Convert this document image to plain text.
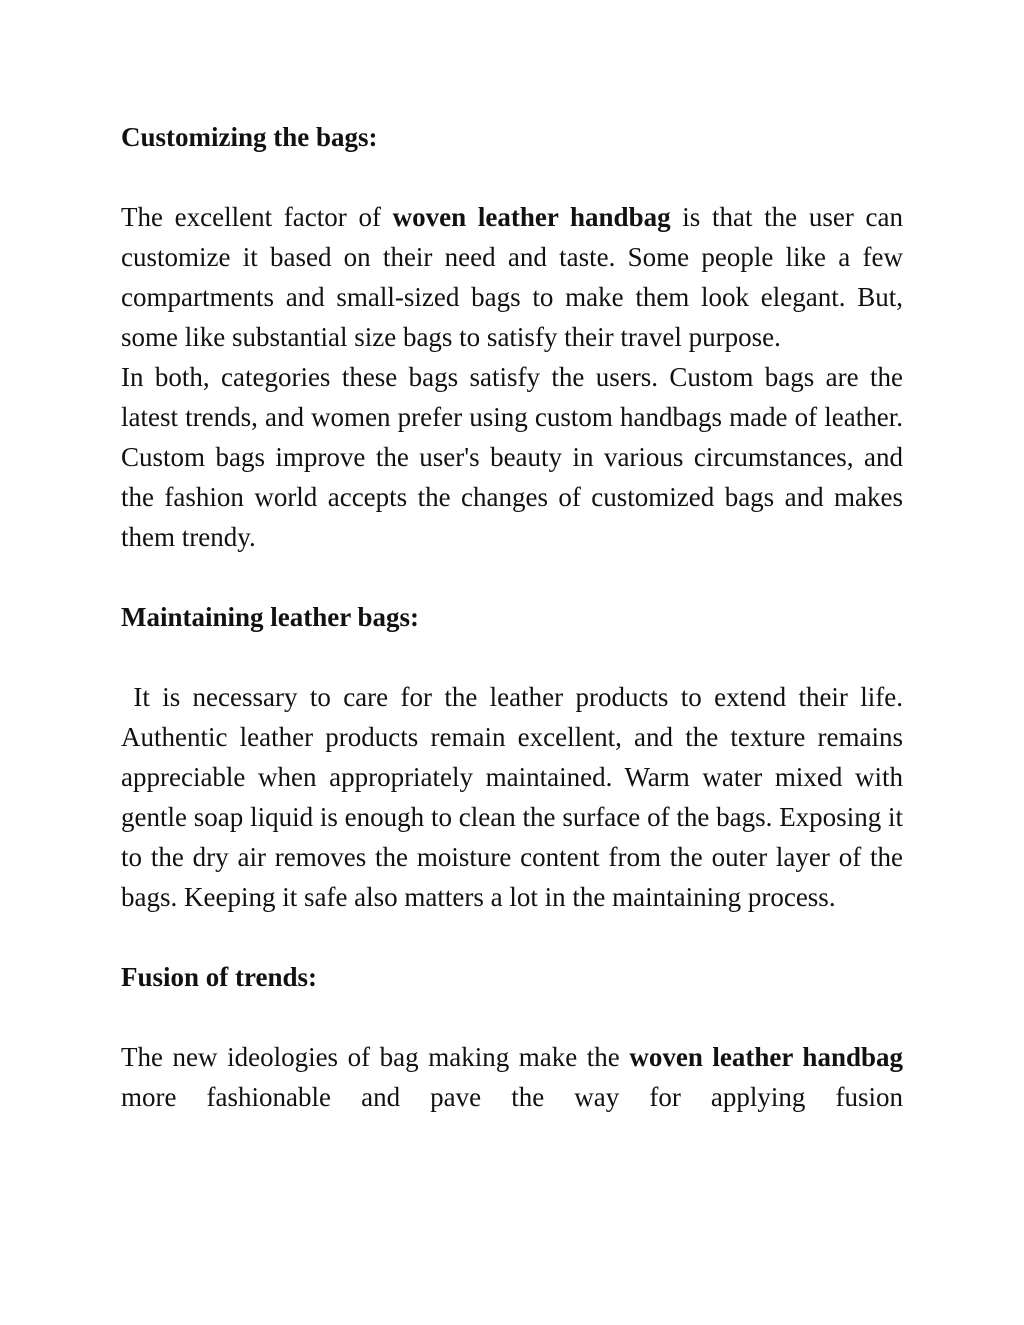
Customizing the bags:

The excellent factor of woven leather handbag is that the user can customize it based on their need and taste. Some people like a few compartments and small-sized bags to make them look elegant. But, some like substantial size bags to satisfy their travel purpose.

In both, categories these bags satisfy the users. Custom bags are the latest trends, and women prefer using custom handbags made of leather. Custom bags improve the user's beauty in various circumstances, and the fashion world accepts the changes of customized bags and makes them trendy.

Maintaining leather bags:

It is necessary to care for the leather products to extend their life. Authentic leather products remain excellent, and the texture remains appreciable when appropriately maintained. Warm water mixed with gentle soap liquid is enough to clean the surface of the bags. Exposing it to the dry air removes the moisture content from the outer layer of the bags. Keeping it safe also matters a lot in the maintaining process.

Fusion of trends:

The new ideologies of bag making make the woven leather handbag more fashionable and pave the way for applying fusion
